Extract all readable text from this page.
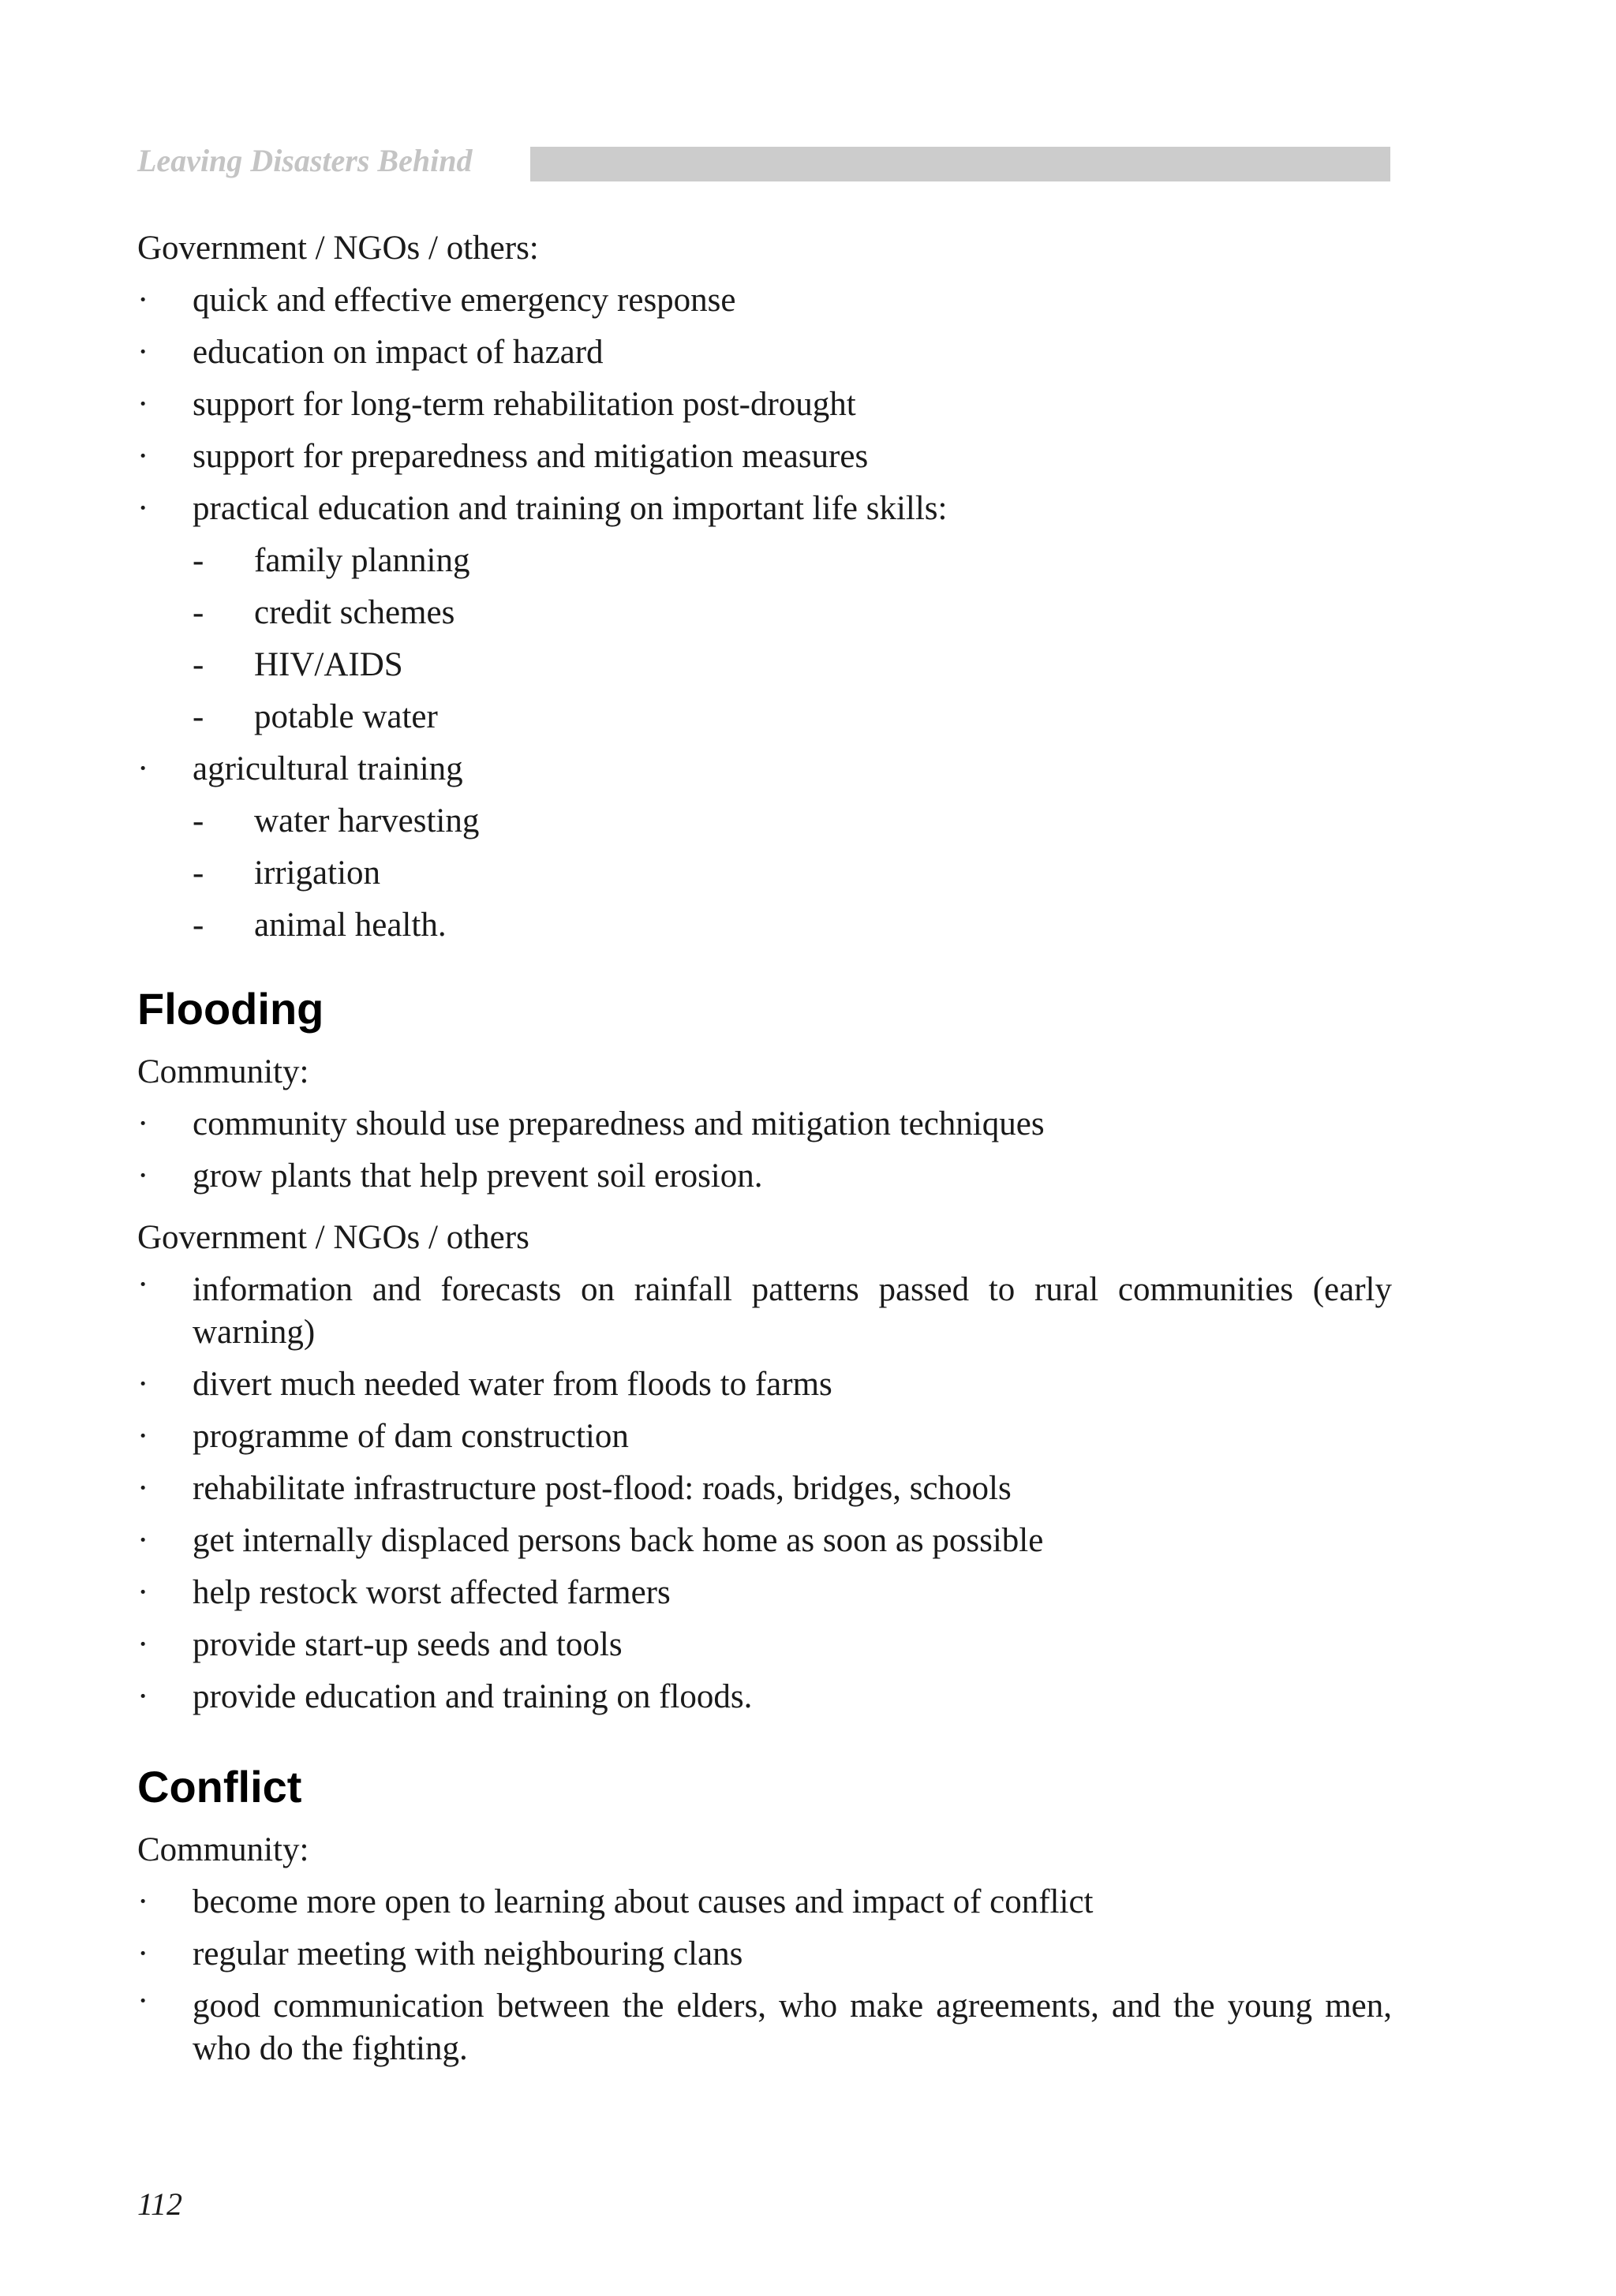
Leaving Disasters Behind
Government / NGOs / others:
·	quick and effective emergency response
·	education on impact of hazard
·	support for long-term rehabilitation post-drought
·	support for preparedness and mitigation measures
·	practical education and training on important life skills:
- family planning
- credit schemes
- HIV/AIDS
- potable water
·	agricultural training
- water harvesting
- irrigation
- animal health.
Flooding
Community:
·	community should use preparedness and mitigation techniques
·	grow plants that help prevent soil erosion.
Government / NGOs / others
·	information and forecasts on rainfall patterns passed to rural communities (early warning)
·	divert much needed water from floods to farms
·	programme of dam construction
·	rehabilitate infrastructure post-flood: roads, bridges, schools
·	get internally displaced persons back home as soon as possible
·	help restock worst affected farmers
·	provide start-up seeds and tools
·	provide education and training on floods.
Conflict
Community:
·	become more open to learning about causes and impact of conflict
·	regular meeting with neighbouring clans
·	good communication between the elders, who make agreements, and the young men, who do the fighting.
112
